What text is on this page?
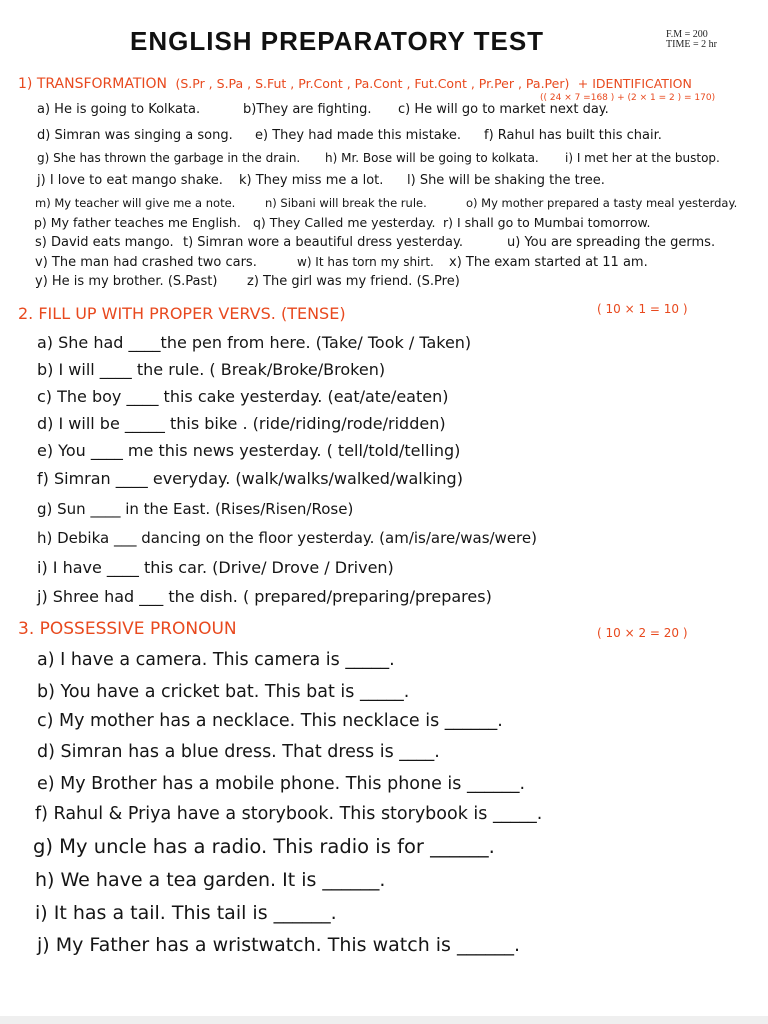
ENGLISH PREPARATORY TEST	F.M = 200
TIME = 2 hr
1) TRANSFORMATION (S.Pr , S.Pa , S.Fut , Pr.Cont , Pa.Cont , Fut.Cont , Pr.Per , Pa.Per) + IDENTIFICATION
(( 24 × 7 =168 ) + (2 × 1 = 2 ) = 170)
a) He is going to Kolkata.	b)They are fighting. c) He will go to market next day.
d) Simran was singing a song. e) They had made this mistake. f) Rahul has built this chair.
g) She has thrown the garbage in the drain. h) Mr. Bose will be going to kolkata. i) I met her at the bustop.
j) I love to eat mango shake. k) They miss me a lot. l) She will be shaking the tree.
m) My teacher will give me a note.	n) Sibani will break the rule.	o) My mother prepared a tasty meal yesterday.
p) My father teaches me English. q) They Called me yesterday. r) I shall go to Mumbai tomorrow.
s) David eats mango. t) Simran wore a beautiful dress yesterday.	u) You are spreading the germs.
v) The man had crashed two cars.	w) It has torn my shirt. x) The exam started at 11 am.
y) He is my brother. (S.Past) z) The girl was my friend. (S.Pre)
2. FILL UP WITH PROPER VERVS. (TENSE)	( 10 × 1 = 10 )
a) She had ____the pen from here. (Take/ Took / Taken)
b) I will ____ the rule. ( Break/Broke/Broken)
c) The boy ____ this cake yesterday. (eat/ate/eaten)
d) I will be _____ this bike . (ride/riding/rode/ridden)
e) You ____ me this news yesterday. ( tell/told/telling)
f) Simran ____ everyday. (walk/walks/walked/walking)
g) Sun ____ in the East. (Rises/Risen/Rose)
h) Debika ___ dancing on the floor yesterday. (am/is/are/was/were)
i) I have ____ this car. (Drive/ Drove / Driven)
j) Shree had ___ the dish. ( prepared/preparing/prepares)
3. POSSESSIVE PRONOUN	( 10 × 2 = 20 )
a) I have a camera. This camera is _____.
b) You have a cricket bat. This bat is _____.
c) My mother has a necklace. This necklace is ______.
d) Simran has a blue dress. That dress is ____.
e) My Brother has a mobile phone. This phone is ______.
f) Rahul & Priya have a storybook. This storybook is _____.
g) My uncle has a radio. This radio is for ______.
h) We have a tea garden. It is ______.
i) It has a tail. This tail is ______.
j) My Father has a wristwatch. This watch is ______.
